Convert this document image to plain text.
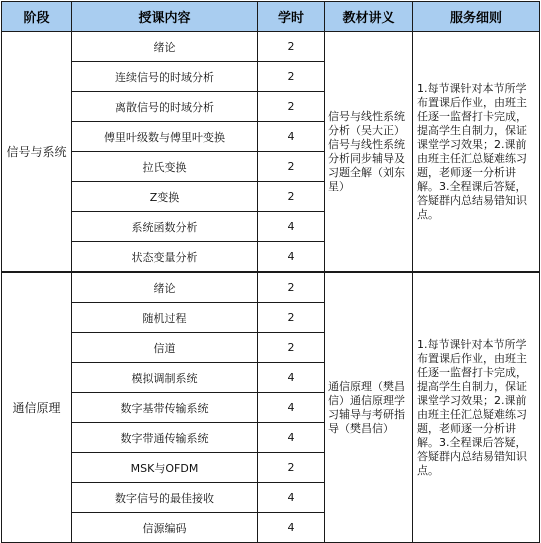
阶段	授课内容	学时	教材讲义	服务细则
信号与系统	绪论	2	信号与线性系统分析（吴大正）信号与线性系统分析同步辅导及习题全解（刘东星）	1.每节课针对本节所学布置课后作业，由班主任逐一监督打卡完成，提高学生自制力，保证课堂学习效果；2.课前由班主任汇总疑难练习题，老师逐一分析讲解。3.全程课后答疑，答疑群内总结易错知识点。
	连续信号的时域分析	2		
	离散信号的时域分析	2		
	傅里叶级数与傅里叶变换	4		
	拉氏变换	2		
	Z变换	2		
	系统函数分析	4		
	状态变量分析	4		
通信原理	绪论	2	通信原理（樊昌信）通信原理学习辅导与考研指导（樊昌信）	1.每节课针对本节所学布置课后作业，由班主任逐一监督打卡完成，提高学生自制力，保证课堂学习效果；2.课前由班主任汇总疑难练习题，老师逐一分析讲解。3.全程课后答疑，答疑群内总结易错知识点。
	随机过程	2		
	信道	2		
	模拟调制系统	4		
	数字基带传输系统	4		
	数字带通传输系统	4		
	MSK与OFDM	2		
	数字信号的最佳接收	4		
	信源编码	4		
